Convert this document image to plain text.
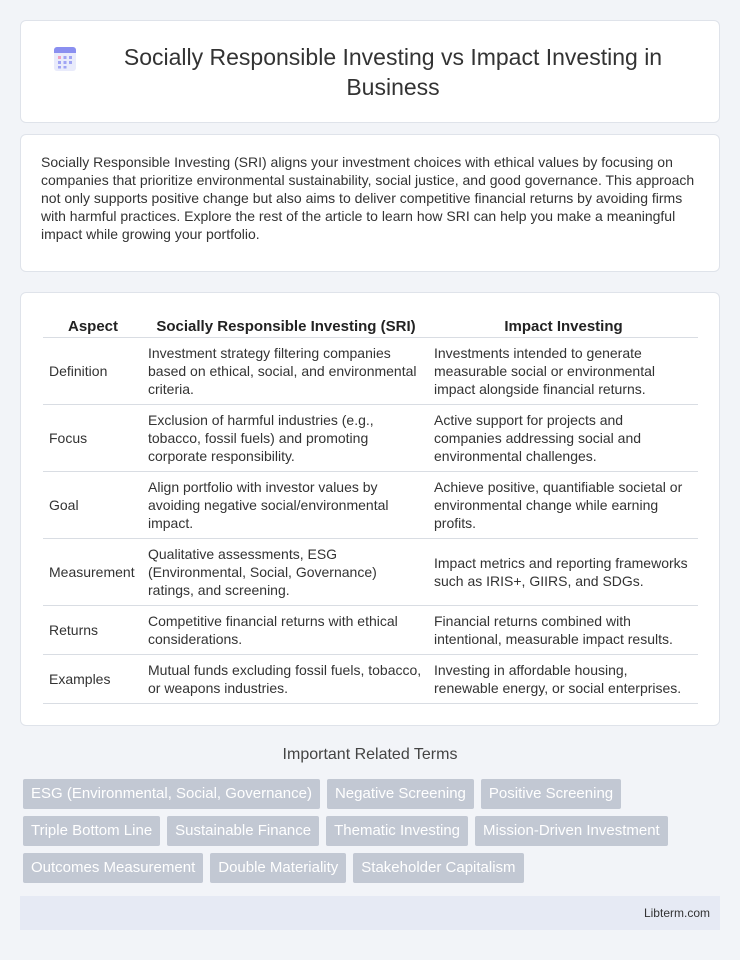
Socially Responsible Investing vs Impact Investing in Business

Socially Responsible Investing (SRI) aligns your investment choices with ethical values by focusing on companies that prioritize environmental sustainability, social justice, and good governance. This approach not only supports positive change but also aims to deliver competitive financial returns by avoiding firms with harmful practices. Explore the rest of the article to learn how SRI can help you make a meaningful impact while growing your portfolio.

Aspect	Socially Responsible Investing (SRI)	Impact Investing
Definition	Investment strategy filtering companies based on ethical, social, and environmental criteria.	Investments intended to generate measurable social or environmental impact alongside financial returns.
Focus	Exclusion of harmful industries (e.g., tobacco, fossil fuels) and promoting corporate responsibility.	Active support for projects and companies addressing social and environmental challenges.
Goal	Align portfolio with investor values by avoiding negative social/environmental impact.	Achieve positive, quantifiable societal or environmental change while earning profits.
Measurement	Qualitative assessments, ESG (Environmental, Social, Governance) ratings, and screening.	Impact metrics and reporting frameworks such as IRIS+, GIIRS, and SDGs.
Returns	Competitive financial returns with ethical considerations.	Financial returns combined with intentional, measurable impact results.
Examples	Mutual funds excluding fossil fuels, tobacco, or weapons industries.	Investing in affordable housing, renewable energy, or social enterprises.
Important Related Terms
ESG (Environmental, Social, Governance)	Negative Screening	Positive Screening
Triple Bottom Line	Sustainable Finance	Thematic Investing	Mission-Driven Investment
Outcomes Measurement	Double Materiality	Stakeholder Capitalism
Libterm.com
